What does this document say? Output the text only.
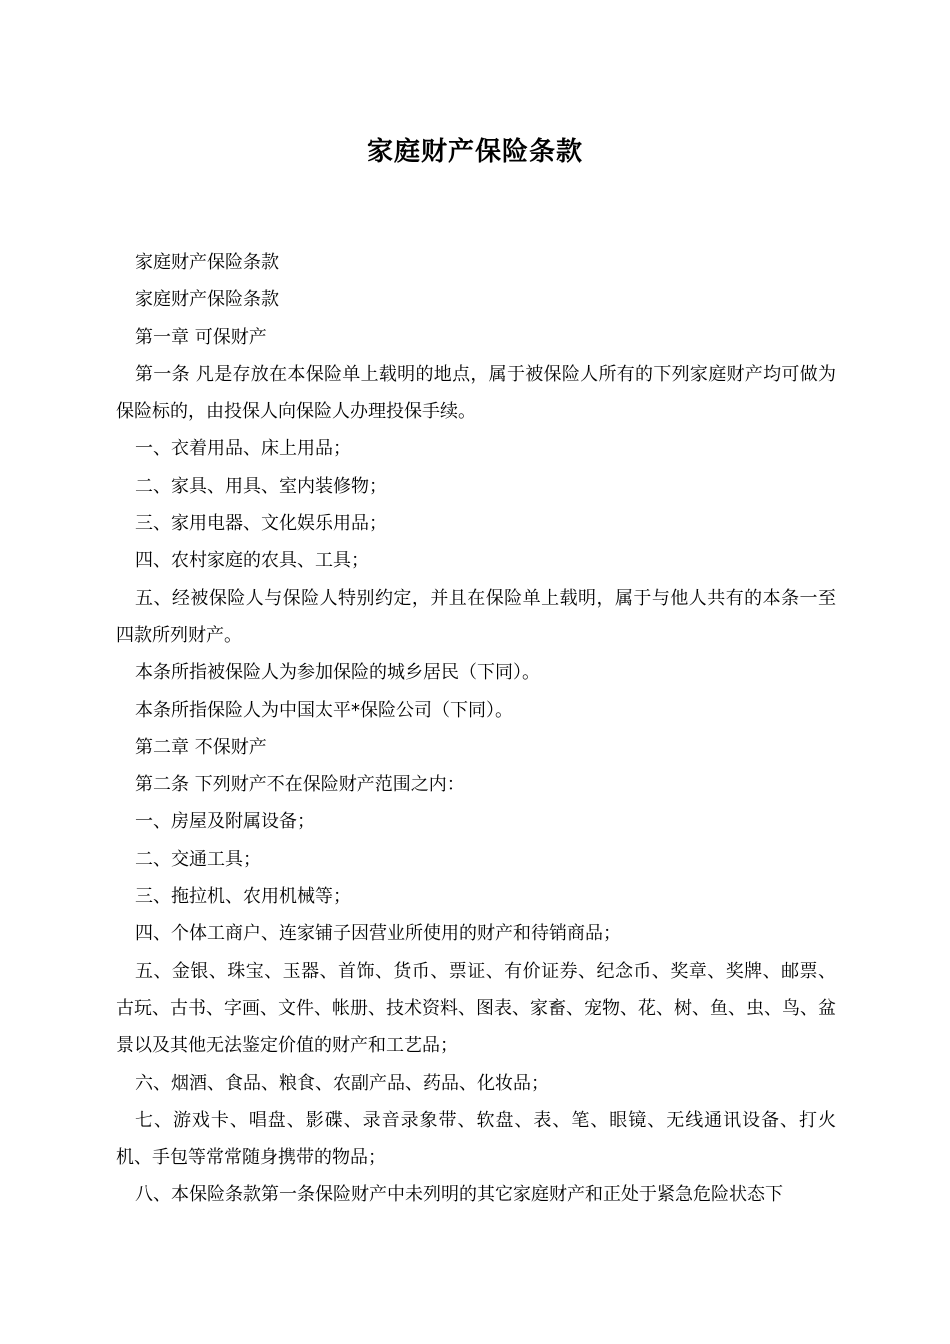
家庭财产保险条款

家庭财产保险条款

家庭财产保险条款

第一章 可保财产

第一条 凡是存放在本保险单上载明的地点，属于被保险人所有的下列家庭财产均可做为保险标的，由投保人向保险人办理投保手续。

一、衣着用品、床上用品；

二、家具、用具、室内装修物；

三、家用电器、文化娱乐用品；

四、农村家庭的农具、工具；

五、经被保险人与保险人特别约定，并且在保险单上载明，属于与他人共有的本条一至四款所列财产。

本条所指被保险人为参加保险的城乡居民（下同）。

本条所指保险人为中国太平*保险公司（下同）。

第二章 不保财产

第二条 下列财产不在保险财产范围之内：

一、房屋及附属设备；

二、交通工具；

三、拖拉机、农用机械等；

四、个体工商户、连家铺子因营业所使用的财产和待销商品；

五、金银、珠宝、玉器、首饰、货币、票证、有价证券、纪念币、奖章、奖牌、邮票、古玩、古书、字画、文件、帐册、技术资料、图表、家畜、宠物、花、树、鱼、虫、鸟、盆景以及其他无法鉴定价值的财产和工艺品；

六、烟酒、食品、粮食、农副产品、药品、化妆品；

七、游戏卡、唱盘、影碟、录音录象带、软盘、表、笔、眼镜、无线通讯设备、打火机、手包等常常随身携带的物品；

八、本保险条款第一条保险财产中未列明的其它家庭财产和正处于紧急危险状态下
